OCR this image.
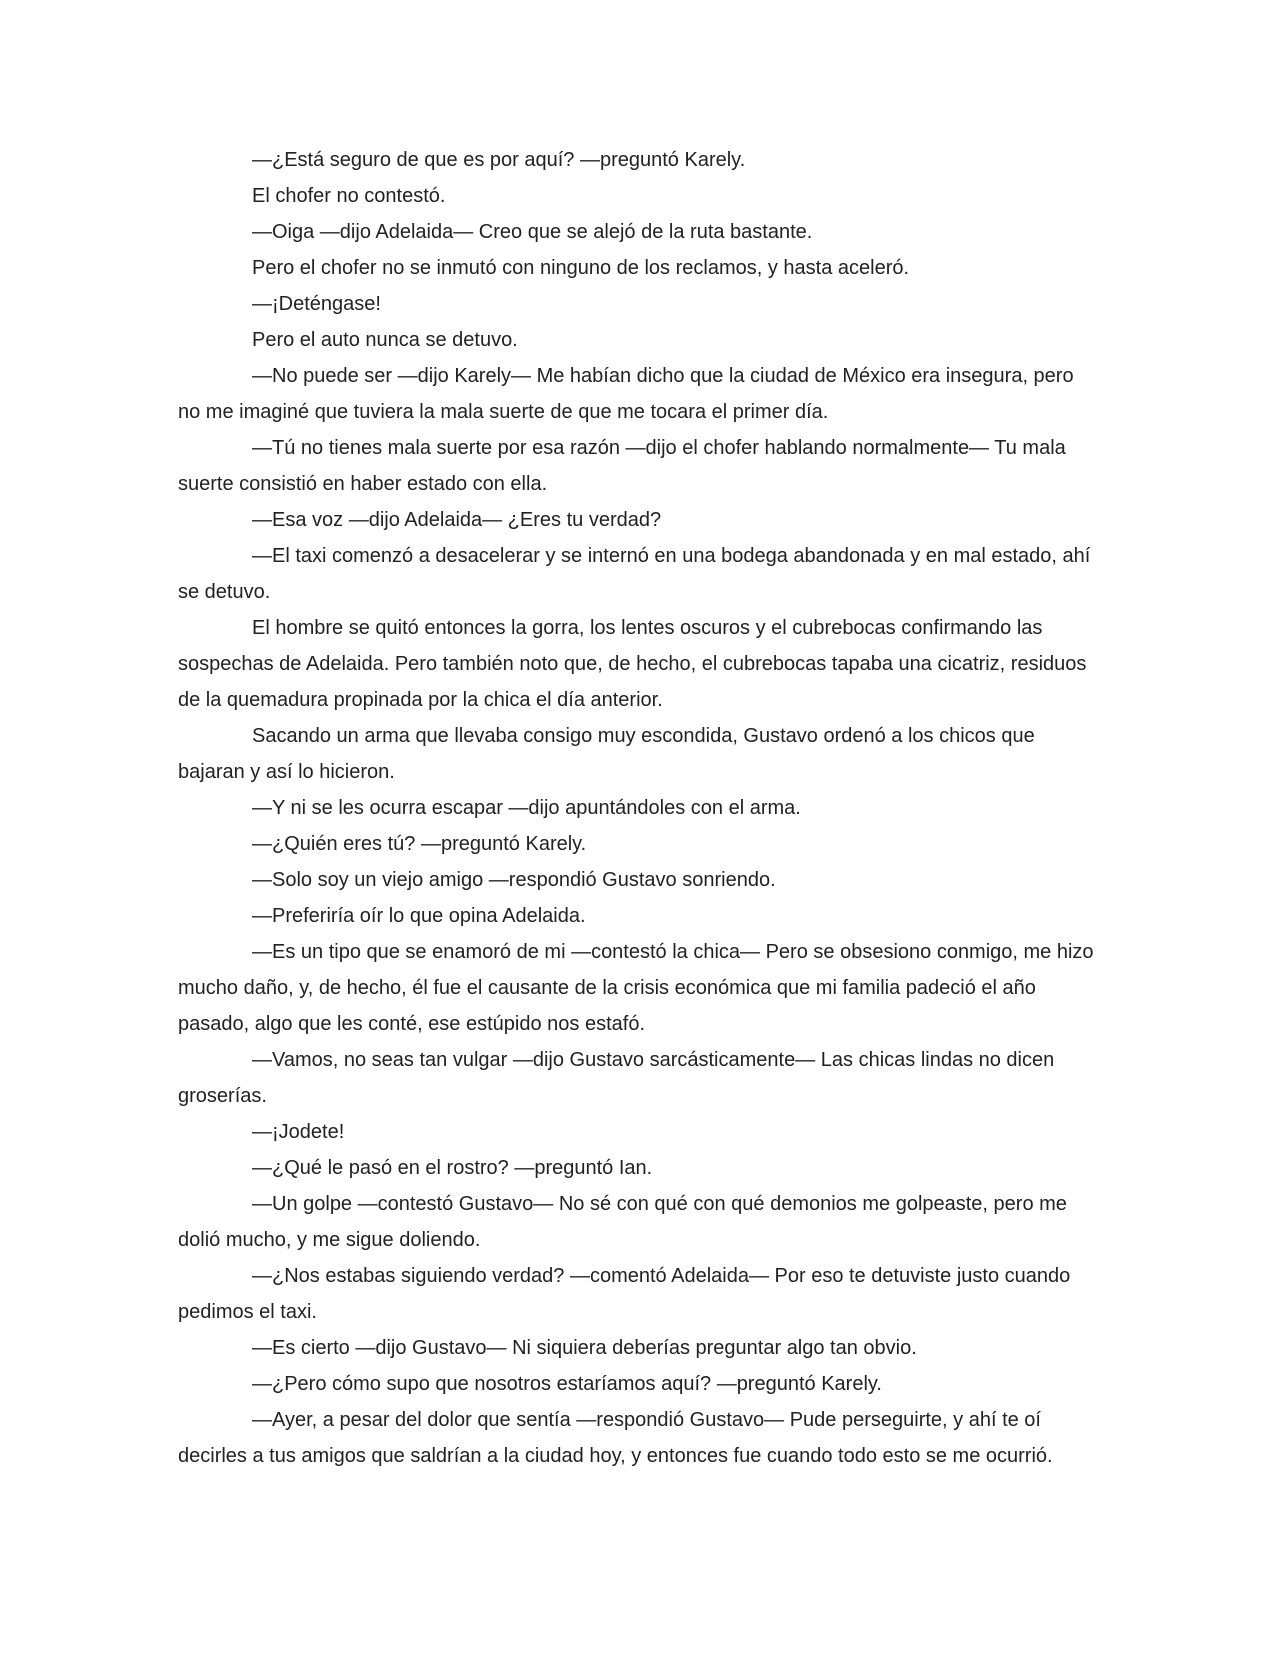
—¿Está seguro de que es por aquí? —preguntó Karely.

El chofer no contestó.

—Oiga —dijo Adelaida— Creo que se alejó de la ruta bastante.

Pero el chofer no se inmutó con ninguno de los reclamos, y hasta aceleró.

—¡Deténgase!

Pero el auto nunca se detuvo.

—No puede ser —dijo Karely— Me habían dicho que la ciudad de México era insegura, pero no me imaginé que tuviera la mala suerte de que me tocara el primer día.

—Tú no tienes mala suerte por esa razón —dijo el chofer hablando normalmente— Tu mala suerte consistió en haber estado con ella.

—Esa voz —dijo Adelaida— ¿Eres tu verdad?

—El taxi comenzó a desacelerar y se internó en una bodega abandonada y en mal estado, ahí se detuvo.

El hombre se quitó entonces la gorra, los lentes oscuros y el cubrebocas confirmando las sospechas de Adelaida. Pero también noto que, de hecho, el cubrebocas tapaba una cicatriz, residuos de la quemadura propinada por la chica el día anterior.

Sacando un arma que llevaba consigo muy escondida, Gustavo ordenó a los chicos que bajaran y así lo hicieron.

—Y ni se les ocurra escapar —dijo apuntándoles con el arma.

—¿Quién eres tú? —preguntó Karely.

—Solo soy un viejo amigo —respondió Gustavo sonriendo.

—Preferiría oír lo que opina Adelaida.

—Es un tipo que se enamoró de mi —contestó la chica— Pero se obsesiono conmigo, me hizo mucho daño, y, de hecho, él fue el causante de la crisis económica que mi familia padeció el año pasado, algo que les conté, ese estúpido nos estafó.

—Vamos, no seas tan vulgar —dijo Gustavo sarcásticamente— Las chicas lindas no dicen groserías.

—¡Jodete!

—¿Qué le pasó en el rostro? —preguntó Ian.

—Un golpe —contestó Gustavo— No sé con qué con qué demonios me golpeaste, pero me dolió mucho, y me sigue doliendo.

—¿Nos estabas siguiendo verdad? —comentó Adelaida— Por eso te detuviste justo cuando pedimos el taxi.

—Es cierto —dijo Gustavo— Ni siquiera deberías preguntar algo tan obvio.

—¿Pero cómo supo que nosotros estaríamos aquí? —preguntó Karely.

—Ayer, a pesar del dolor que sentía —respondió Gustavo— Pude perseguirte, y ahí te oí decirles a tus amigos que saldrían a la ciudad hoy, y entonces fue cuando todo esto se me ocurrió.
